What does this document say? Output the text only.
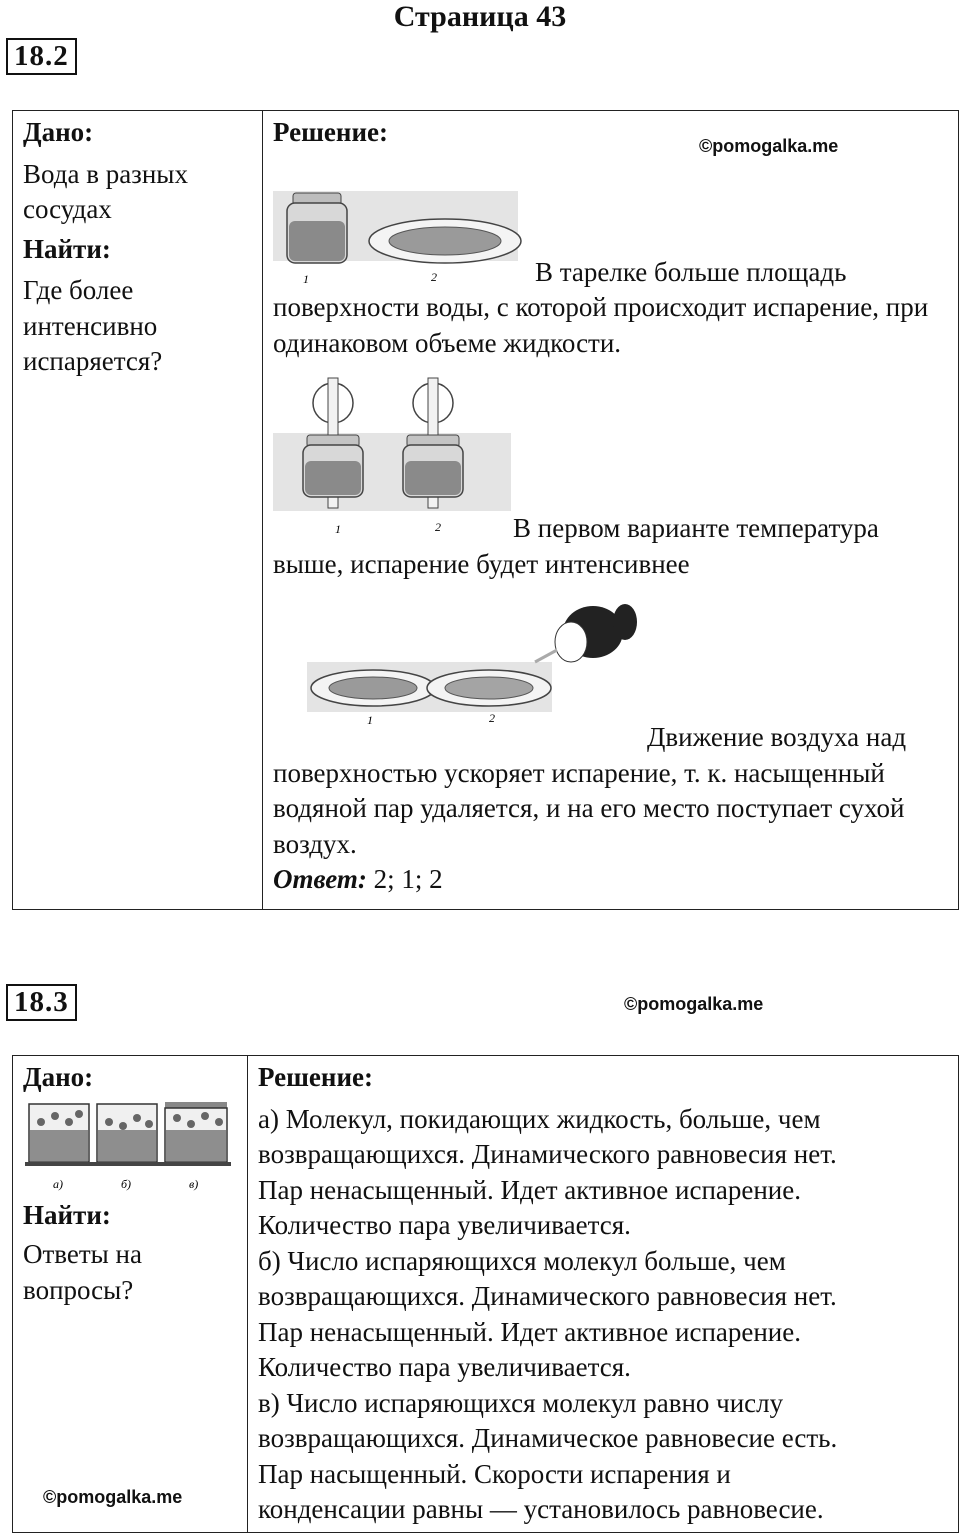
Страница 43
18.2
Дано:
Вода в разных сосудах
Найти:
Где более интенсивно испаряется?

Решение:	©pomogalka.me
1	2	В тарелке больше площадь
поверхности воды, с которой происходит испарение, при одинаковом объеме жидкости.
1	2	В первом варианте температура
выше, испарение будет интенсивнее
1	2
Движение воздуха над
поверхностью ускоряет испарение, т. к. насыщенный водяной пар удаляется, и на его место поступает сухой воздух.
Ответ: 2; 1; 2
18.3	©pomogalka.me
Дано:
а)	б)	в)
Найти:
Ответы на вопросы?
©pomogalka.me

Решение:
а) Молекул, покидающих жидкость, больше, чем
возвращающихся. Динамического равновесия нет.
Пар ненасыщенный. Идет активное испарение.
Количество пара увеличивается.
б) Число испаряющихся молекул больше, чем
возвращающихся. Динамического равновесия нет.
Пар ненасыщенный. Идет активное испарение.
Количество пара увеличивается.
в) Число испаряющихся молекул равно числу
возвращающихся. Динамическое равновесие есть.
Пар насыщенный. Скорости испарения и
конденсации равны — установилось равновесие.
